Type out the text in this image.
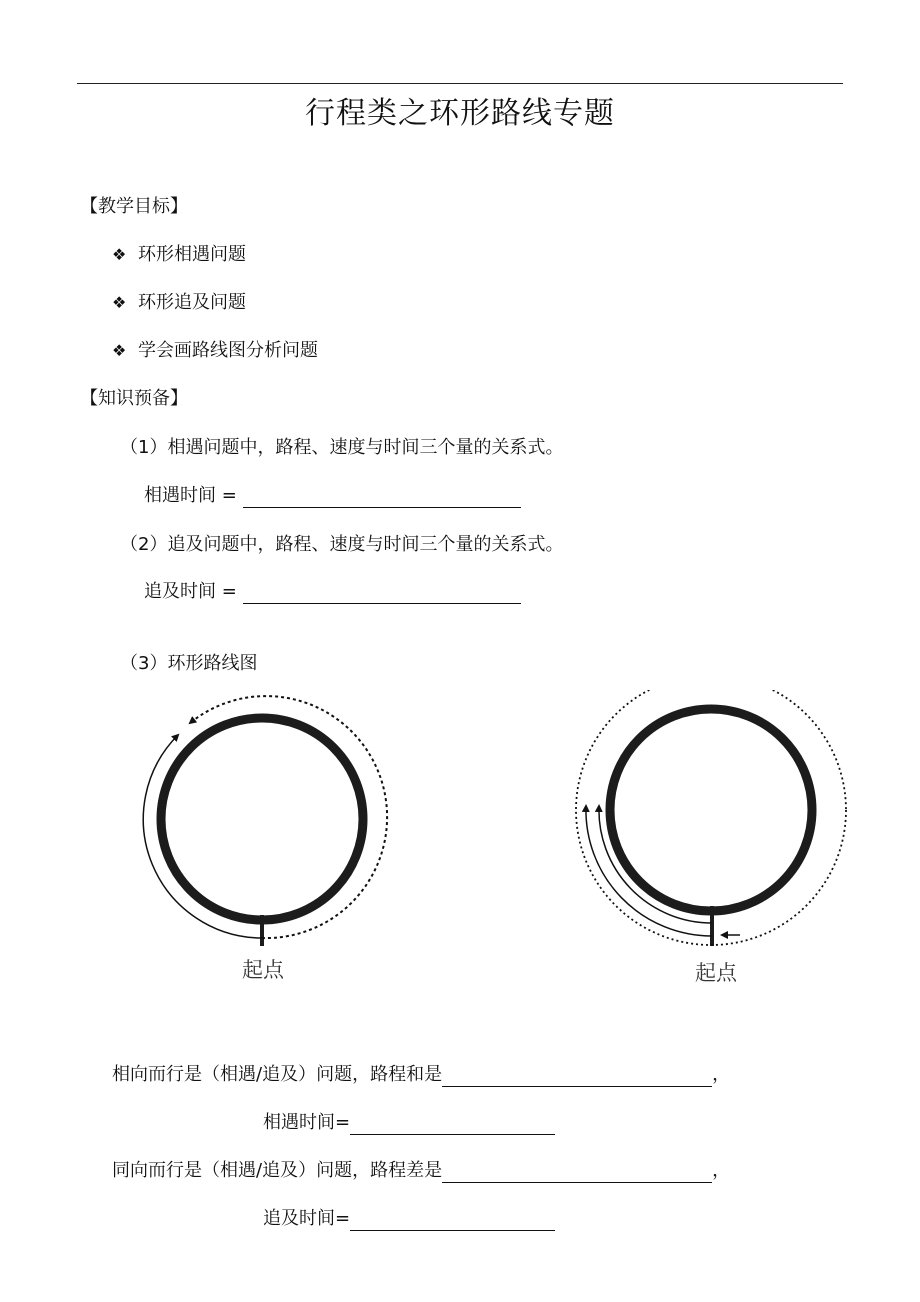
行程类之环形路线专题
【教学目标】
❖ 环形相遇问题
❖ 环形追及问题
❖ 学会画路线图分析问题
【知识预备】
（1）相遇问题中，路程、速度与时间三个量的关系式。
相遇时间 =
（2）追及问题中，路程、速度与时间三个量的关系式。
追及时间 =
（3）环形路线图
起点	起点
相向而行是（相遇/追及）问题，路程和是	，
相遇时间=
同向而行是（相遇/追及）问题，路程差是	，
追及时间=
